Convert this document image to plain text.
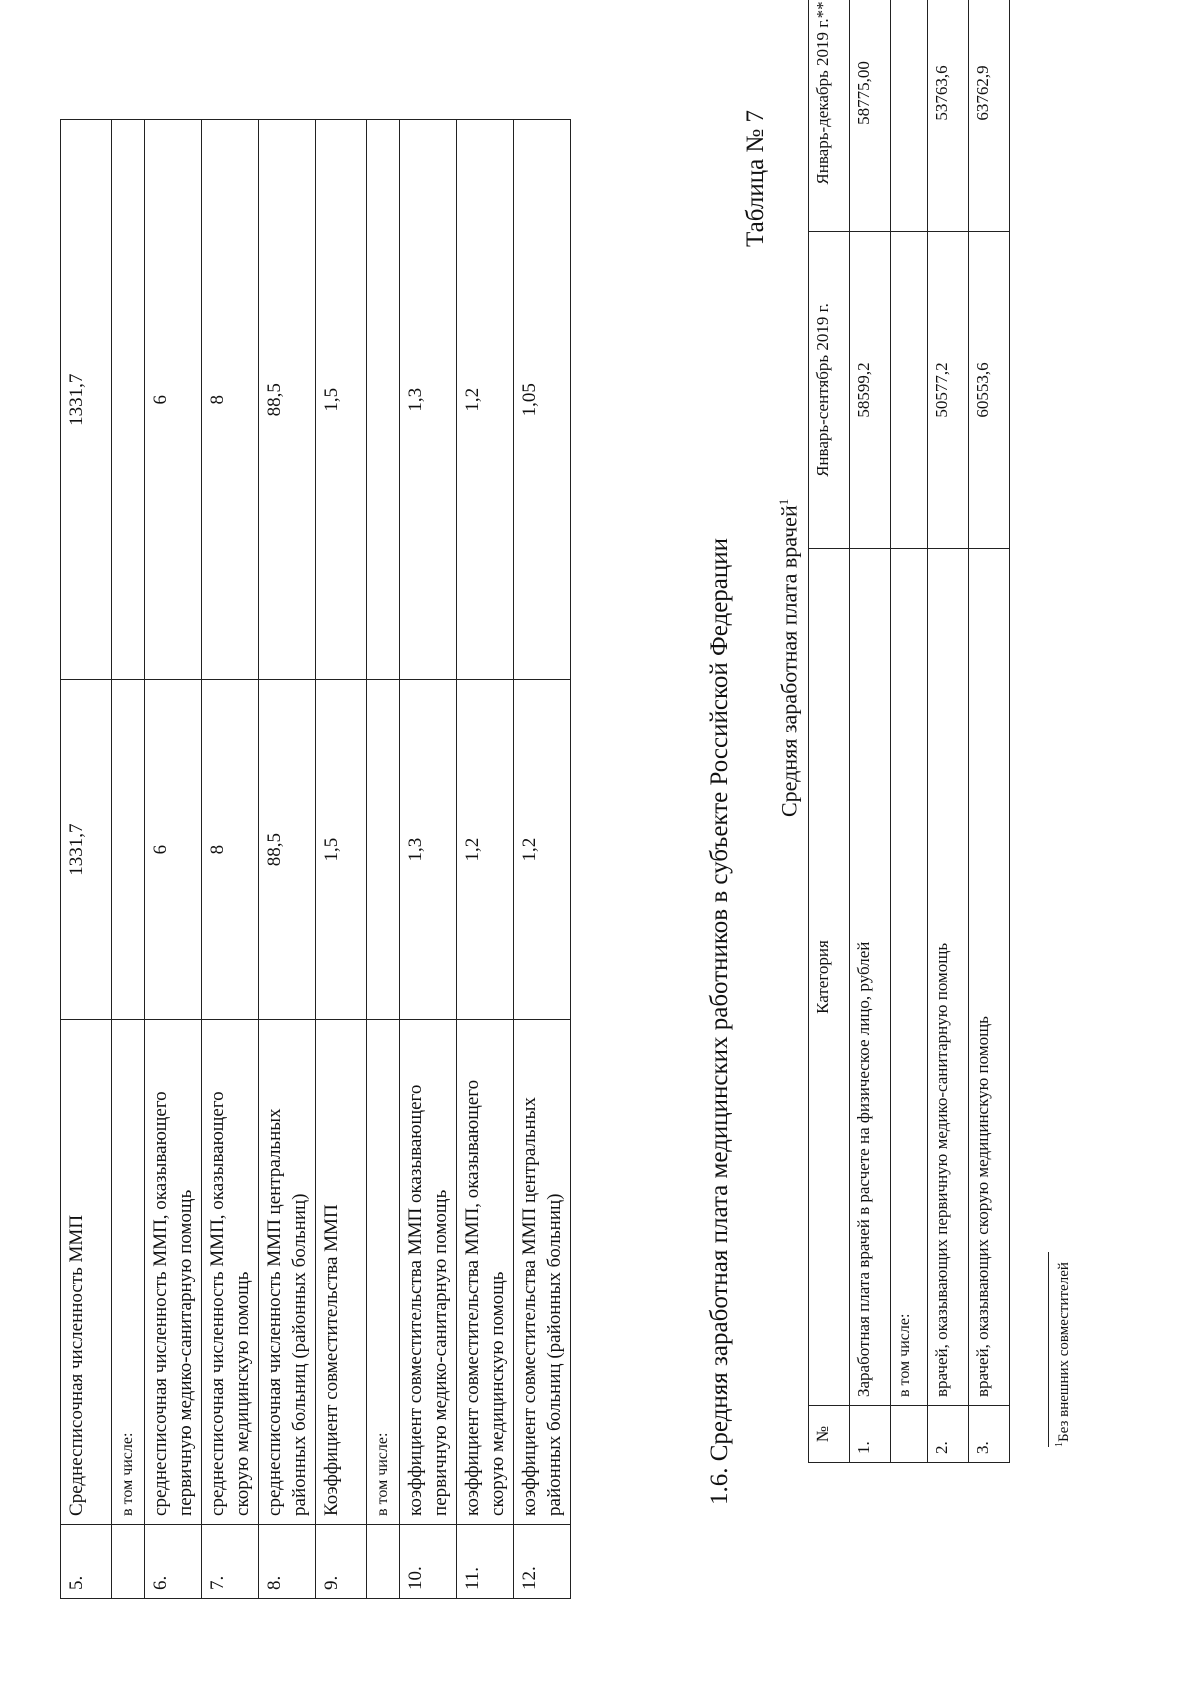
5.	Среднесписочная численность ММП	1331,7	1331,7
	в том числе:		
6.	среднесписочная численность ММП, оказывающего первичную медико-санитарную помощь	6	6
7.	среднесписочная численность ММП, оказывающего скорую медицинскую помощь	8	8
8.	среднесписочная численность ММП центральных районных больниц (районных больниц)	88,5	88,5
9.	Коэффициент совместительства ММП	1,5	1,5
	в том числе:		
10.	коэффициент совместительства ММП оказывающего первичную медико-санитарную помощь	1,3	1,3
11.	коэффициент совместительства ММП, оказывающего скорую медицинскую помощь	1,2	1,2
12.	коэффициент совместительства ММП центральных районных больниц (районных больниц)	1,2	1,05
1.6. Средняя заработная плата медицинских работников в субъекте Российской Федерации
Таблица № 7
Средняя заработная плата врачей$^1$
№	Категория	Январь-сентябрь 2019 г.	Январь-декабрь 2019 г.**
1.	Заработная плата врачей в расчете на физическое лицо, рублей	58599,2	58775,00
	в том числе:		
2.	врачей, оказывающих первичную медико-санитарную помощь	50577,2	53763,6
3.	врачей, оказывающих скорую медицинскую помощь	60553,6	63762,9
$^1$Без внешних совместителей
